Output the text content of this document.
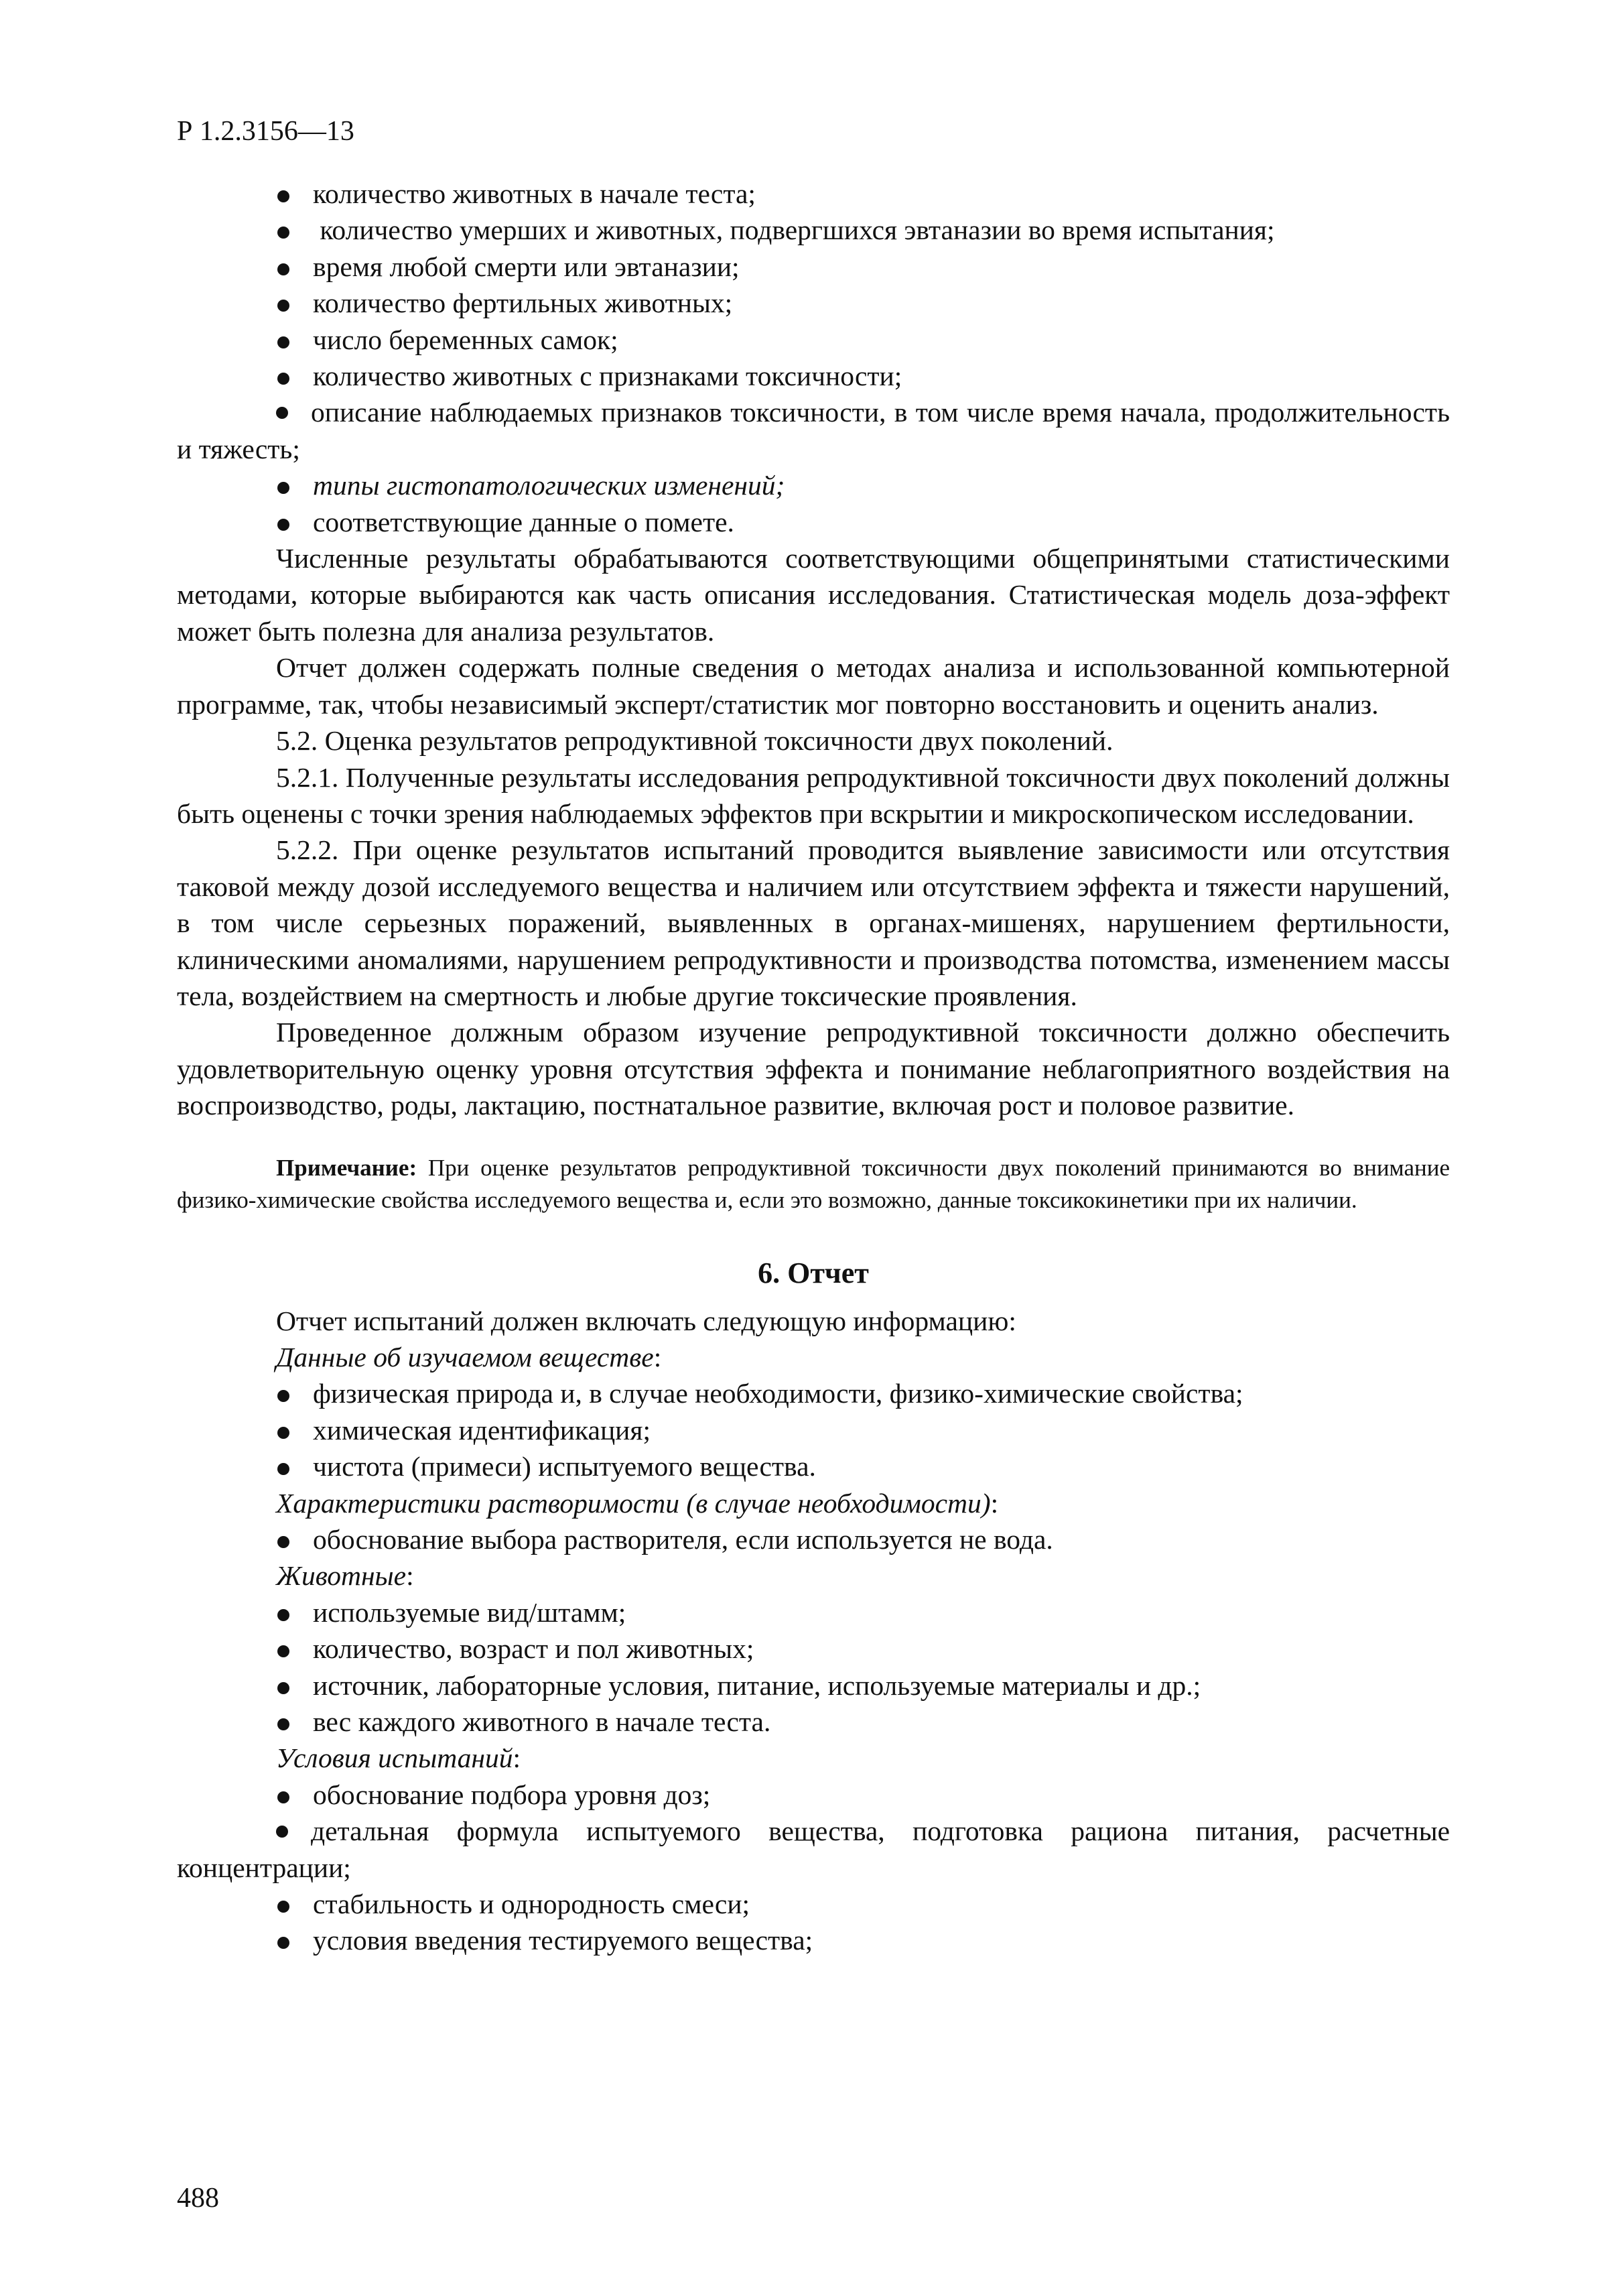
Р 1.2.3156—13

количество животных в начале теста;

количество умерших и животных, подвергшихся эвтаназии во время испытания;

время любой смерти или эвтаназии;

количество фертильных животных;

число беременных самок;

количество животных с признаками токсичности;

описание наблюдаемых признаков токсичности, в том числе время начала, продолжительность и тяжесть;

типы гистопатологических изменений;

соответствующие данные о помете.

Численные результаты обрабатываются соответствующими общепринятыми статистическими методами, которые выбираются как часть описания исследования. Статистическая модель доза-эффект может быть полезна для анализа результатов.

Отчет должен содержать полные сведения о методах анализа и использованной компьютерной программе, так, чтобы независимый эксперт/статистик мог повторно восстановить и оценить анализ.

5.2. Оценка результатов репродуктивной токсичности двух поколений.

5.2.1. Полученные результаты исследования репродуктивной токсичности двух поколений должны быть оценены с точки зрения наблюдаемых эффектов при вскрытии и микроскопическом исследовании.

5.2.2. При оценке результатов испытаний проводится выявление зависимости или отсутствия таковой между дозой исследуемого вещества и наличием или отсутствием эффекта и тяжести нарушений, в том числе серьезных поражений, выявленных в органах-мишенях, нарушением фертильности, клиническими аномалиями, нарушением репродуктивности и производства потомства, изменением массы тела, воздействием на смертность и любые другие токсические проявления.

Проведенное должным образом изучение репродуктивной токсичности должно обеспечить удовлетворительную оценку уровня отсутствия эффекта и понимание неблагоприятного воздействия на воспроизводство, роды, лактацию, постнатальное развитие, включая рост и половое развитие.

Примечание: При оценке результатов репродуктивной токсичности двух поколений принимаются во внимание физико-химические свойства исследуемого вещества и, если это возможно, данные токсикокинетики при их наличии.

6. Отчет

Отчет испытаний должен включать следующую информацию:

Данные об изучаемом веществе:

физическая природа и, в случае необходимости, физико-химические свойства;

химическая идентификация;

чистота (примеси) испытуемого вещества.

Характеристики растворимости (в случае необходимости):

обоснование выбора растворителя, если используется не вода.

Животные:

используемые вид/штамм;

количество, возраст и пол животных;

источник, лабораторные условия, питание, используемые материалы и др.;

вес каждого животного в начале теста.

Условия испытаний:

обоснование подбора уровня доз;

детальная формула испытуемого вещества, подготовка рациона питания, расчетные концентрации;

стабильность и однородность смеси;

условия введения тестируемого вещества;

488
